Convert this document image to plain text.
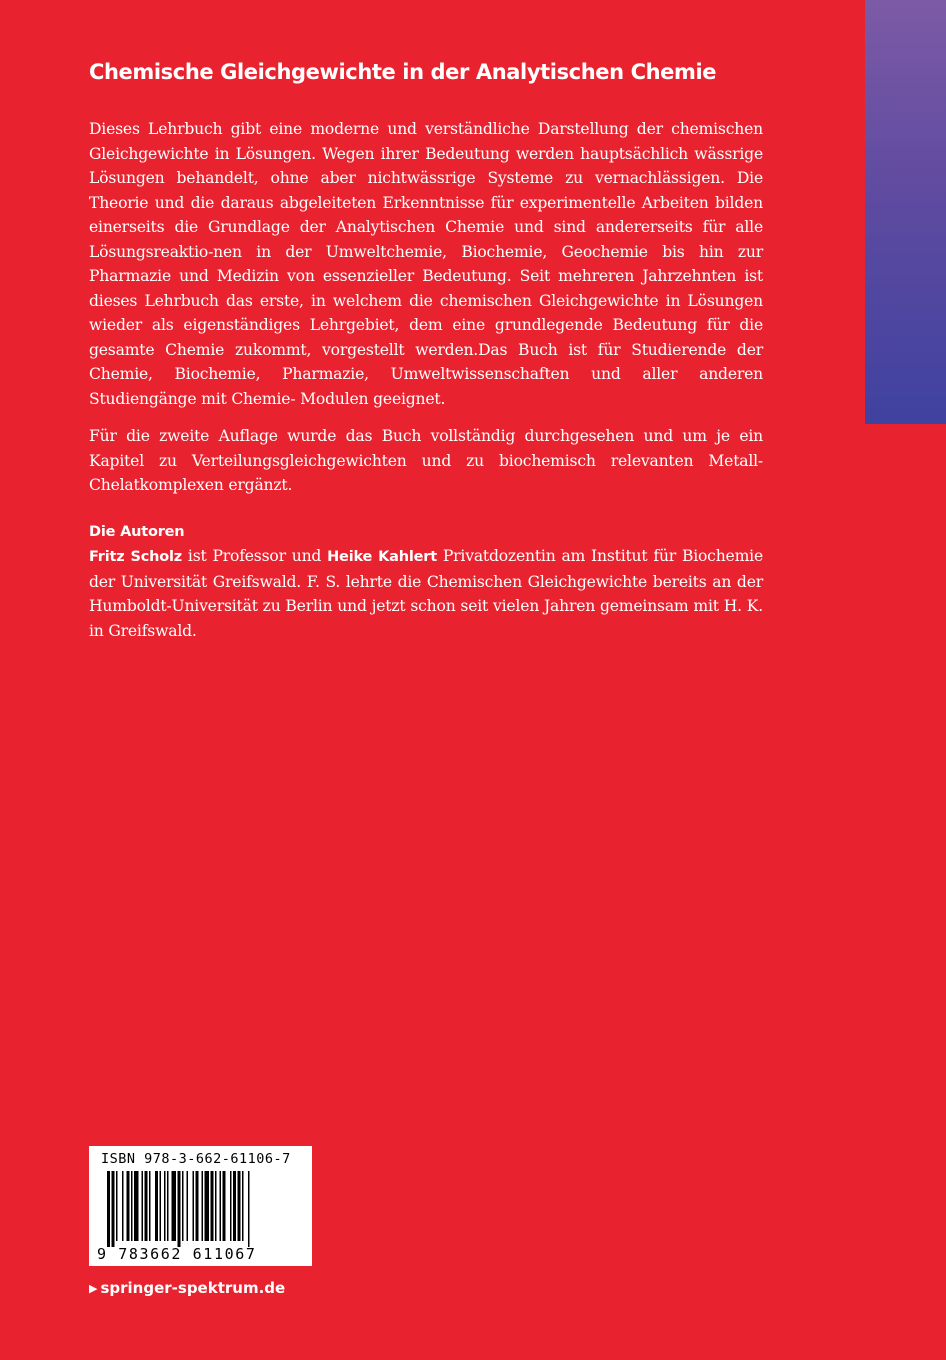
Chemische Gleichgewichte in der Analytischen Chemie

Dieses Lehrbuch gibt eine moderne und verständliche Darstellung der chemischen Gleichgewichte in Lösungen. Wegen ihrer Bedeutung werden hauptsächlich wässrige Lösungen behandelt, ohne aber nichtwässrige Systeme zu vernachlässigen. Die Theorie und die daraus abgeleiteten Erkenntnisse für experimentelle Arbeiten bilden einerseits die Grundlage der Analytischen Chemie und sind andererseits für alle Lösungsreaktio-nen in der Umweltchemie, Biochemie, Geochemie bis hin zur Pharmazie und Medizin von essenzieller Bedeutung. Seit mehreren Jahrzehnten ist dieses Lehrbuch das erste, in welchem die chemischen Gleichgewichte in Lösungen wieder als eigenständiges Lehrgebiet, dem eine grundlegende Bedeutung für die gesamte Chemie zukommt, vorgestellt werden.Das Buch ist für Studierende der Chemie, Biochemie, Pharmazie, Umweltwissenschaften und aller anderen Studiengänge mit Chemie- Modulen geeignet.

Für die zweite Auflage wurde das Buch vollständig durchgesehen und um je ein Kapitel zu Verteilungsgleichgewichten und zu biochemisch relevanten Metall-Chelatkomplexen ergänzt.

Die Autoren

Fritz Scholz ist Professor und Heike Kahlert Privatdozentin am Institut für Biochemie der Universität Greifswald. F. S. lehrte die Chemischen Gleichgewichte bereits an der Humboldt-Universität zu Berlin und jetzt schon seit vielen Jahren gemeinsam mit H. K. in Greifswald.

ISBN 978-3-662-61106-7
9 783662 611067
▶ springer-spektrum.de
